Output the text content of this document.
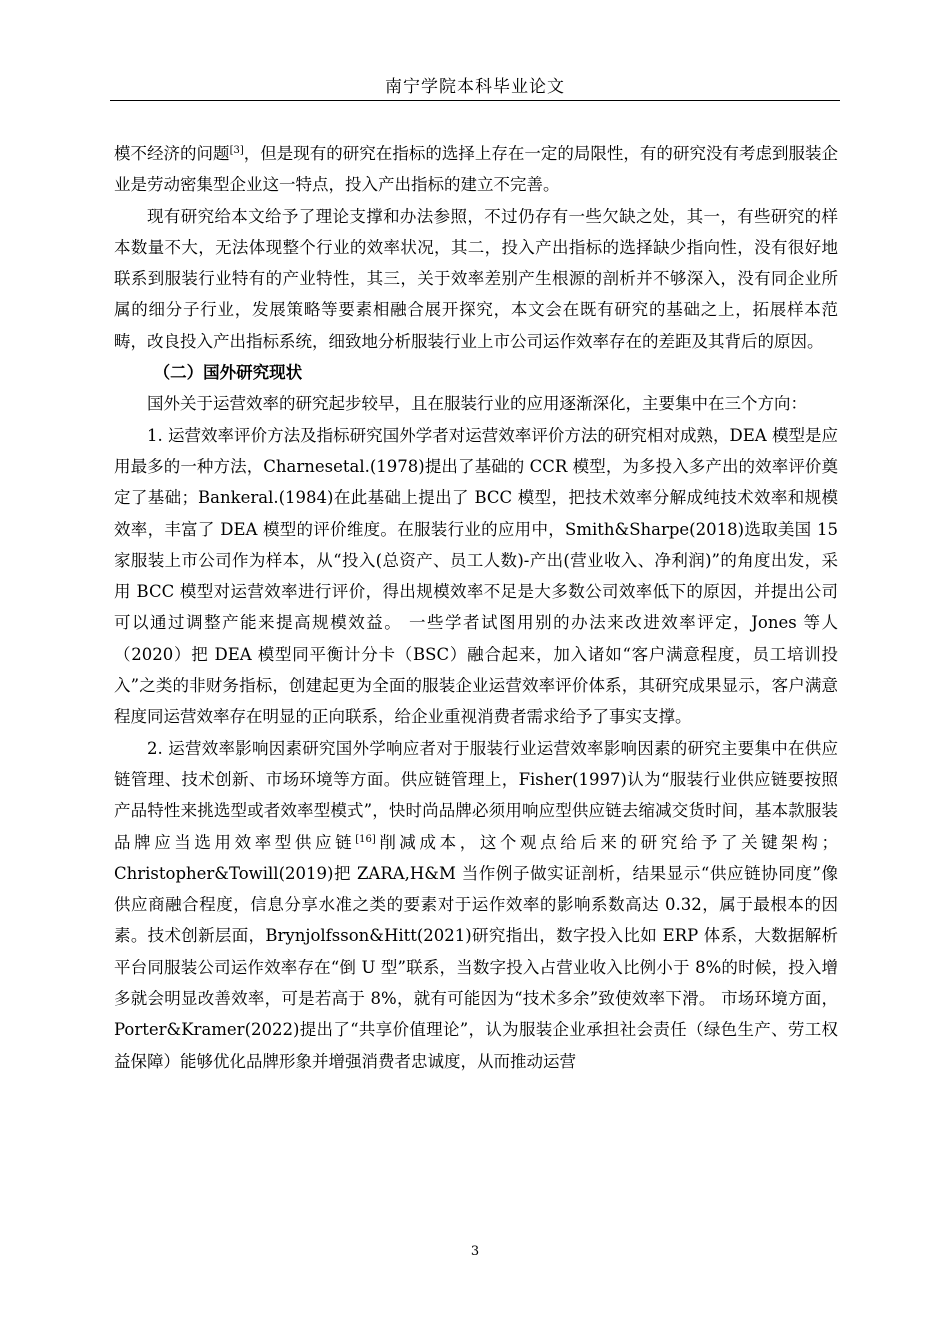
南宁学院本科毕业论文

模不经济的问题[3]，但是现有的研究在指标的选择上存在一定的局限性，有的研究没有考虑到服装企业是劳动密集型企业这一特点，投入产出指标的建立不完善。

现有研究给本文给予了理论支撑和办法参照，不过仍存有一些欠缺之处，其一，有些研究的样本数量不大，无法体现整个行业的效率状况，其二，投入产出指标的选择缺少指向性，没有很好地联系到服装行业特有的产业特性，其三，关于效率差别产生根源的剖析并不够深入，没有同企业所属的细分子行业，发展策略等要素相融合展开探究，本文会在既有研究的基础之上，拓展样本范畴，改良投入产出指标系统，细致地分析服装行业上市公司运作效率存在的差距及其背后的原因。

（二）国外研究现状

国外关于运营效率的研究起步较早，且在服装行业的应用逐渐深化，主要集中在三个方向：

1. 运营效率评价方法及指标研究国外学者对运营效率评价方法的研究相对成熟，DEA 模型是应用最多的一种方法，Charnesetal.(1978)提出了基础的 CCR 模型，为多投入多产出的效率评价奠定了基础；Bankeral.(1984)在此基础上提出了 BCC 模型，把技术效率分解成纯技术效率和规模效率，丰富了 DEA 模型的评价维度。在服装行业的应用中，Smith&Sharpe(2018)选取美国 15 家服装上市公司作为样本，从“投入(总资产、员工人数)-产出(营业收入、净利润)”的角度出发，采用 BCC 模型对运营效率进行评价，得出规模效率不足是大多数公司效率低下的原因，并提出公司可以通过调整产能来提高规模效益。 一些学者试图用别的办法来改进效率评定，Jones 等人（2020）把 DEA 模型同平衡计分卡（BSC）融合起来，加入诸如“客户满意程度，员工培训投入”之类的非财务指标，创建起更为全面的服装企业运营效率评价体系，其研究成果显示，客户满意程度同运营效率存在明显的正向联系，给企业重视消费者需求给予了事实支撑。

2. 运营效率影响因素研究国外学响应者对于服装行业运营效率影响因素的研究主要集中在供应链管理、技术创新、市场环境等方面。供应链管理上，Fisher(1997)认为“服装行业供应链要按照产品特性来挑选型或者效率型模式”，快时尚品牌必须用响应型供应链去缩减交货时间，基本款服装品牌应当选用效率型供应链[16]削减成本，这个观点给后来的研究给予了关键架构；Christopher&Towill(2019)把 ZARA,H&M 当作例子做实证剖析，结果显示“供应链协同度”像供应商融合程度，信息分享水准之类的要素对于运作效率的影响系数高达 0.32，属于最根本的因素。技术创新层面，Brynjolfsson&Hitt(2021)研究指出，数字投入比如 ERP 体系，大数据解析平台同服装公司运作效率存在“倒 U 型”联系，当数字投入占营业收入比例小于 8%的时候，投入增多就会明显改善效率，可是若高于 8%，就有可能因为“技术多余”致使效率下滑。 市场环境方面，Porter&Kramer(2022)提出了“共享价值理论”，认为服装企业承担社会责任（绿色生产、劳工权益保障）能够优化品牌形象并增强消费者忠诚度，从而推动运营

3
